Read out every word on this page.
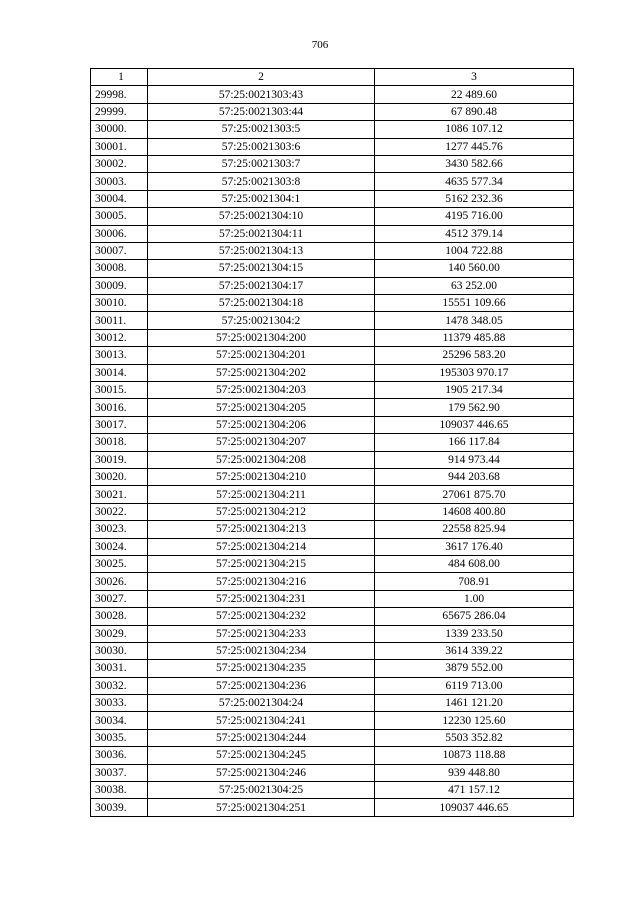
706
1	2	3
29998.	57:25:0021303:43	22 489.60
29999.	57:25:0021303:44	67 890.48
30000.	57:25:0021303:5	1086 107.12
30001.	57:25:0021303:6	1277 445.76
30002.	57:25:0021303:7	3430 582.66
30003.	57:25:0021303:8	4635 577.34
30004.	57:25:0021304:1	5162 232.36
30005.	57:25:0021304:10	4195 716.00
30006.	57:25:0021304:11	4512 379.14
30007.	57:25:0021304:13	1004 722.88
30008.	57:25:0021304:15	140 560.00
30009.	57:25:0021304:17	63 252.00
30010.	57:25:0021304:18	15551 109.66
30011.	57:25:0021304:2	1478 348.05
30012.	57:25:0021304:200	11379 485.88
30013.	57:25:0021304:201	25296 583.20
30014.	57:25:0021304:202	195303 970.17
30015.	57:25:0021304:203	1905 217.34
30016.	57:25:0021304:205	179 562.90
30017.	57:25:0021304:206	109037 446.65
30018.	57:25:0021304:207	166 117.84
30019.	57:25:0021304:208	914 973.44
30020.	57:25:0021304:210	944 203.68
30021.	57:25:0021304:211	27061 875.70
30022.	57:25:0021304:212	14608 400.80
30023.	57:25:0021304:213	22558 825.94
30024.	57:25:0021304:214	3617 176.40
30025.	57:25:0021304:215	484 608.00
30026.	57:25:0021304:216	708.91
30027.	57:25:0021304:231	1.00
30028.	57:25:0021304:232	65675 286.04
30029.	57:25:0021304:233	1339 233.50
30030.	57:25:0021304:234	3614 339.22
30031.	57:25:0021304:235	3879 552.00
30032.	57:25:0021304:236	6119 713.00
30033.	57:25:0021304:24	1461 121.20
30034.	57:25:0021304:241	12230 125.60
30035.	57:25:0021304:244	5503 352.82
30036.	57:25:0021304:245	10873 118.88
30037.	57:25:0021304:246	939 448.80
30038.	57:25:0021304:25	471 157.12
30039.	57:25:0021304:251	109037 446.65
